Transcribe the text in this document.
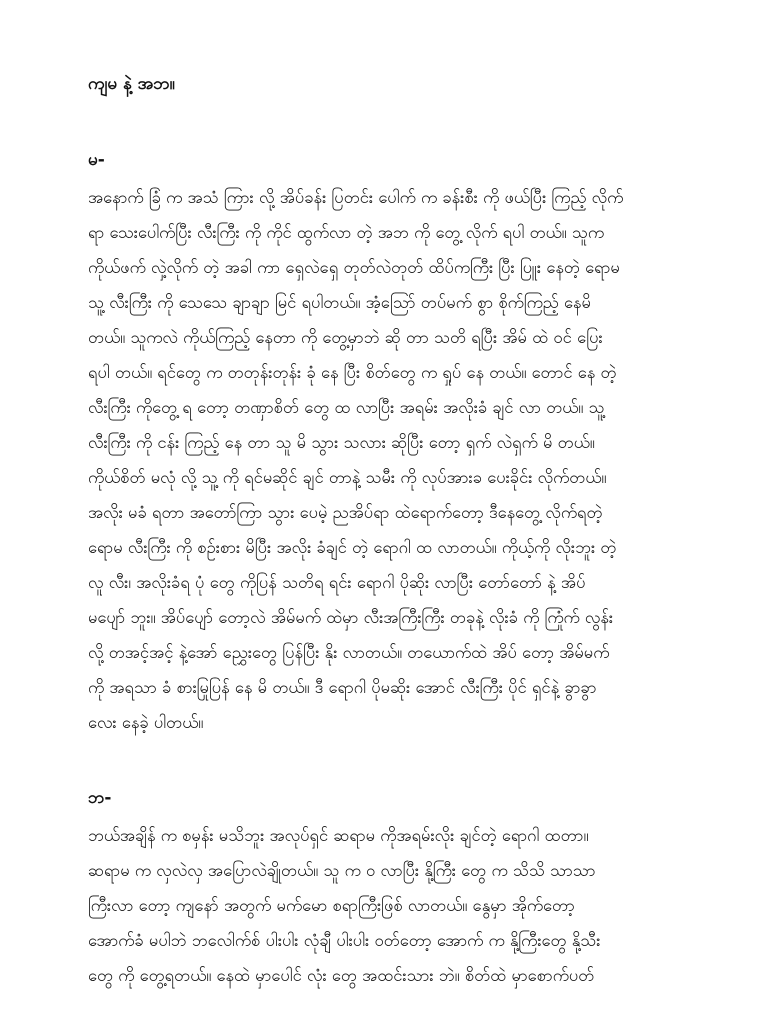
ကျမ နဲ့ အဘ။
မ-
အနောက် ခြံ က အသံ ကြား လို့ အိပ်ခန်း ပြတင်း ပေါက် က ခန်းစီး ကို ဖယ်ပြီး ကြည့် လိုက်
ရာ သေးပေါက်ပြီး လီးကြီး ကို ကိုင် ထွက်လာ တဲ့ အဘ ကို တွေ့ လိုက် ရပါ တယ်။ သူက
ကိုယ်ဖက် လှဲ့လိုက် တဲ့ အခါ ကာ ရှေလဲရှေ တုတ်လဲတုတ် ထိပ်ကကြီး ပြီး ပြူး နေတဲ့ ရောမ
သူ့ လီးကြီး ကို သေသေ ချာချာ မြင် ရပါတယ်။ အံ့သြော် တပ်မက် စွာ စိုက်ကြည့် နေမိ
တယ်။ သူကလဲ ကိုယ်ကြည့် နေတာ ကို တွေ့မှာဘဲ ဆို တာ သတိ ရပြီး အိမ် ထဲ ဝင် ပြေး
ရပါ တယ်။ ရင်တွေ က တတုန်းတုန်း ခုံ နေ ပြီး စိတ်တွေ က ရှုပ် နေ တယ်။ တောင် နေ တဲ့
လီးကြီး ကိုတွေ့ ရ တော့ တဏှာစိတ် တွေ ထ လာပြီး အရမ်း အလိုးခံ ချင် လာ တယ်။ သူ့
လီးကြီး ကို ငန်း ကြည့် နေ တာ သူ မိ သွား သလား ဆိုပြီး တော့ ရှက် လဲရှက် မိ တယ်။
ကိုယ်စိတ် မလုံ လို့ သူ့ ကို ရင်မဆိုင် ချင် တာနဲ့ သမီး ကို လုပ်အားခ ပေးခိုင်း လိုက်တယ်။
အလိုး မခံ ရတာ အတော်ကြာ သွား ပေမဲ့ ညအိပ်ရာ ထဲရောက်တော့ ဒီနေတွေ့ လိုက်ရတဲ့
ရောမ လီးကြီး ကို စဉ်းစား မိပြီး အလိုး ခံချင် တဲ့ ရောဂါ ထ လာတယ်။ ကိုယ့်ကို လိုးဘူး တဲ့
လူ လီး၊ အလိုးခံရ ပုံ တွေ ကိုပြန် သတိရ ရင်း ရောဂါ ပိုဆိုး လာပြီး တော်တော် နဲ့ အိပ်
မပျော် ဘူး။ အိပ်ပျော် တော့လဲ အိမ်မက် ထဲမှာ လီးအကြီးကြီး တခုနဲ့ လိုးခံ ကို ကြုံက် လွန်း
လို့ တအင့်အင့် နဲ့အော် ညွှေးတွေ ပြန်ပြီး နိုး လာတယ်။ တယောက်ထဲ အိပ် တော့ အိမ်မက်
ကို အရသာ ခံ စားမြုပြန် နေ မိ တယ်။ ဒီ ရောဂါ ပိုမဆိုး အောင် လီးကြီး ပိုင် ရှင်နဲ့ ခွာခွာ
လေး နေခဲ့ ပါတယ်။
ဘ-
ဘယ်အချိန် က စမှန်း မသိဘူး အလုပ်ရှင် ဆရာမ ကိုအရမ်းလိုး ချင်တဲ့ ရောဂါ ထတာ။
ဆရာမ က လှလဲလှ အပြောလဲချိုတယ်။ သူ က ဝ လာပြီး နို့ကြီး တွေ က သိသိ သာသာ
ကြီးလာ တော့ ကျနော် အတွက် မက်မော စရာကြီးဖြစ် လာတယ်။ နွေမှာ အိုက်တော့
အောက်ခံ မပါဘဲ ဘလေါက်စ် ပါးပါး လုံချီ ပါးပါး ဝတ်တော့ အောက် က နို့ကြီးတွေ နို့သီး
တွေ ကို တွေ့ရတယ်။ နေထဲ မှာပေါင် လုံး တွေ အထင်းသား ဘဲ။ စိတ်ထဲ မှာစောက်ပတ်
